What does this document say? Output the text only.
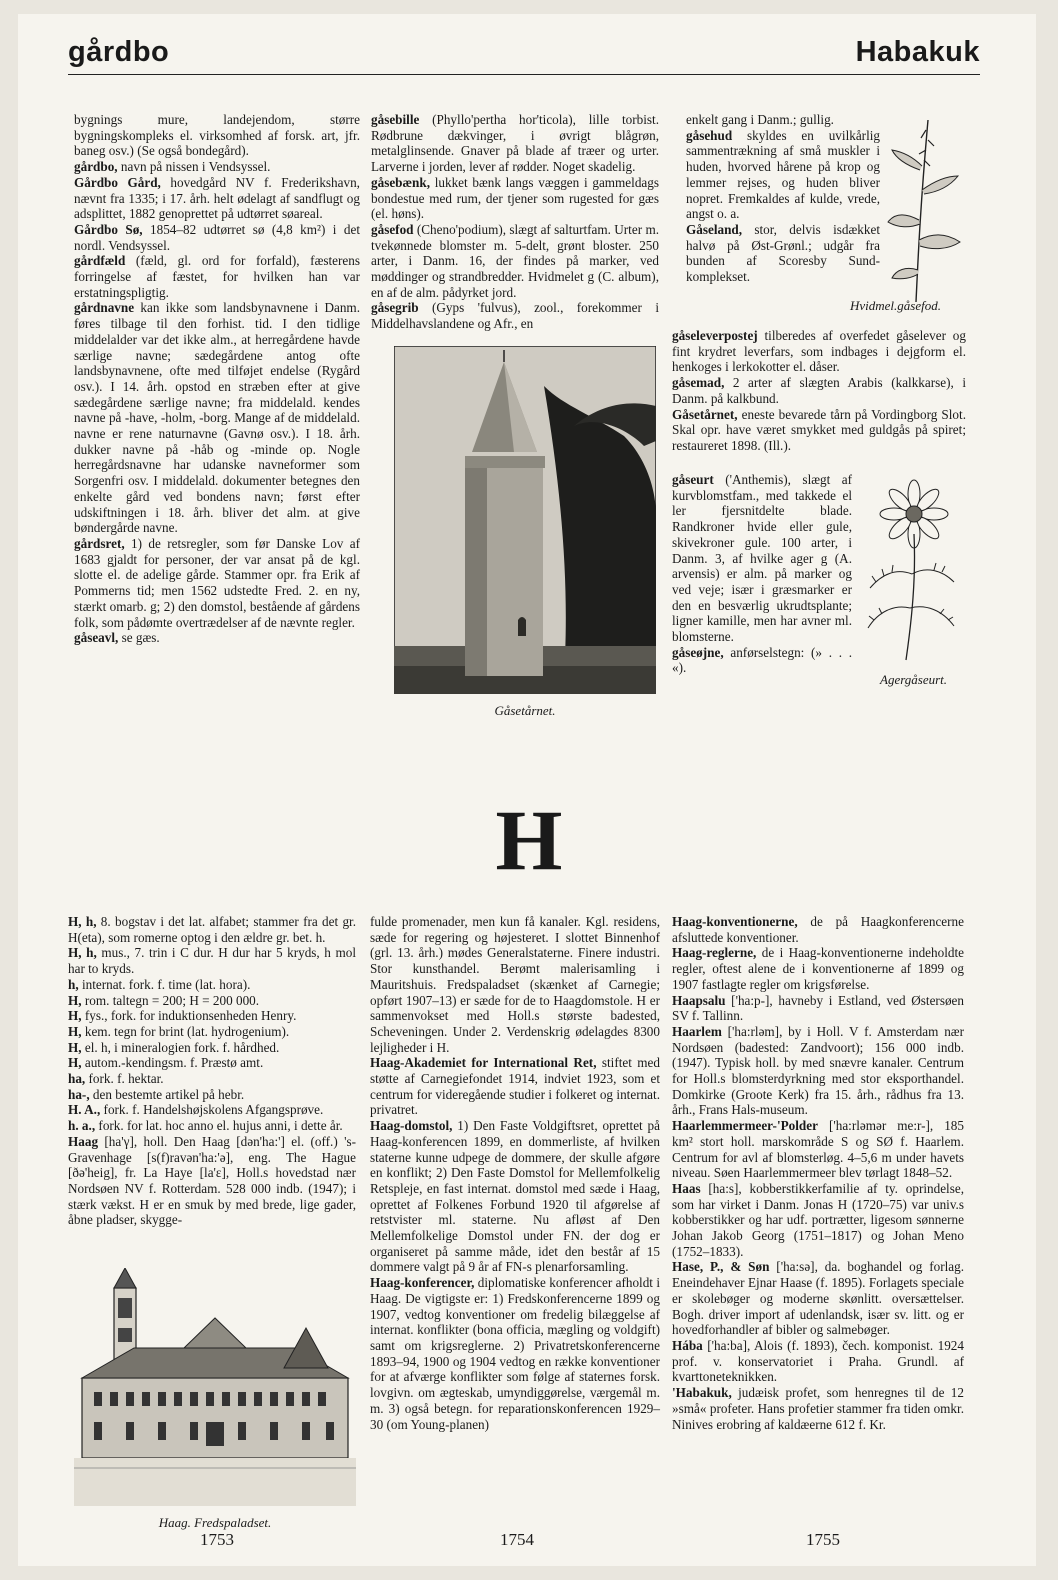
gårdbo	Habakuk

bygnings mure, landejendom, større bygningskompleks el. virksomhed af forsk. art, jfr. baneg osv.) (Se også bondegård).

gårdbo, navn på nissen i Vendsyssel.

Gårdbo Gård, hovedgård NV f. Frederikshavn, nævnt fra 1335; i 17. årh. helt ødelagt af sandflugt og adsplittet, 1882 genoprettet på udtørret søareal.

Gårdbo Sø, 1854–82 udtørret sø (4,8 km²) i det nordl. Vendsyssel.

gårdfæld (fæld, gl. ord for forfald), fæsterens forringelse af fæstet, for hvilken han var erstatningspligtig.

gårdnavne kan ikke som landsbynavnene i Danm. føres tilbage til den forhist. tid. I den tidlige middelalder var det ikke alm., at herregårdene havde særlige navne; sædegårdene antog ofte landsbynavnene, ofte med tilføjet endelse (Rygård osv.). I 14. årh. opstod en stræben efter at give sædegårdene særlige navne; fra middelald. kendes navne på -have, -holm, -borg. Mange af de middelald. navne er rene naturnavne (Gavnø osv.). I 18. årh. dukker navne på -håb og -minde op. Nogle herregårdsnavne har udanske navneformer som Sorgenfri osv. I middelald. dokumenter betegnes den enkelte gård ved bondens navn; først efter udskiftningen i 18. årh. bliver det alm. at give bøndergårde navne.

gårdsret, 1) de retsregler, som før Danske Lov af 1683 gjaldt for personer, der var ansat på de kgl. slotte el. de adelige gårde. Stammer opr. fra Erik af Pommerns tid; men 1562 udstedte Fred. 2. en ny, stærkt omarb. g; 2) den domstol, bestående af gårdens folk, som pådømte overtrædelser af de nævnte regler.

gåseavl, se gæs.

gåsebille (Phyllo'pertha hor'ticola), lille torbist. Rødbrune dækvinger, i øvrigt blågrøn, metalglinsende. Gnaver på blade af træer og urter. Larverne i jorden, lever af rødder. Noget skadelig.

gåsebænk, lukket bænk langs væggen i gammeldags bondestue med rum, der tjener som rugested for gæs (el. høns).

gåsefod (Cheno'podium), slægt af salturtfam. Urter m. tvekønnede blomster m. 5-delt, grønt bloster. 250 arter, i Danm. 16, der findes på marker, ved møddinger og strandbredder. Hvidmelet g (C. album), en af de alm. pådyrket jord.

gåsegrib (Gyps 'fulvus), zool., forekommer i Middelhavslandene og Afr., en

Gåsetårnet.

enkelt gang i Danm.; gullig.

gåsehud skyldes en uvilkårlig sammentrækning af små muskler i huden, hvorved hårene på krop og lemmer rejses, og huden bliver nopret. Fremkaldes af kulde, vrede, angst o. a.

Gåseland, stor, delvis isdækket halvø på Øst-Grønl.; udgår fra bunden af Scoresby Sund-komplekset.

Hvidmel.gåsefod.

gåseleverpostej tilberedes af overfedet gåselever og fint krydret leverfars, som indbages i dejgform el. henkoges i lerkokotter el. dåser.

gåsemad, 2 arter af slægten Arabis (kalkkarse), i Danm. på kalkbund.

Gåsetårnet, eneste bevarede tårn på Vordingborg Slot. Skal opr. have været smykket med guldgås på spiret; restaureret 1898. (Ill.).

gåseurt ('Anthemis), slægt af kurvblomstfam., med takkede el ler fjersnitdelte blade. Randkroner hvide eller gule, skivekroner gule. 100 arter, i Danm. 3, af hvilke ager g (A. arvensis) er alm. på marker og ved veje; især i græsmarker er den en besværlig ukrudtsplante; ligner kamille, men har avner ml. blomsterne.

gåseøjne, anførselstegn: (» . . . «).

Agergåseurt.
H

H, h, 8. bogstav i det lat. alfabet; stammer fra det gr. H(eta), som romerne optog i den ældre gr. bet. h.

H, h, mus., 7. trin i C dur. H dur har 5 kryds, h mol har to kryds.

h, internat. fork. f. time (lat. hora).

H, rom. taltegn = 200; H = 200 000.

H, fys., fork. for induktionsenheden Henry.

H, kem. tegn for brint (lat. hydrogenium).

H, el. h, i mineralogien fork. f. hårdhed.

H, autom.-kendingsm. f. Præstø amt.

ha, fork. f. hektar.

ha-, den bestemte artikel på hebr.

H. A., fork. f. Handelshøjskolens Afgangsprøve.

h. a., fork. for lat. hoc anno el. hujus anni, i dette år.

Haag [ha'γ], holl. Den Haag [dən'ha:'] el. (off.) 's-Gravenhage [s(f)ravən'ha:'ə], eng. The Hague [ðə'heig], fr. La Haye [la'ε], Holl.s hovedstad nær Nordsøen NV f. Rotterdam. 528 000 indb. (1947); i stærk vækst. H er en smuk by med brede, lige gader, åbne pladser, skygge-

Haag. Fredspaladset.

fulde promenader, men kun få kanaler. Kgl. residens, sæde for regering og højesteret. I slottet Binnenhof (grl. 13. årh.) mødes Generalstaterne. Finere industri. Stor kunsthandel. Berømt malerisamling i Mauritshuis. Fredspaladset (skænket af Carnegie; opført 1907–13) er sæde for de to Haagdomstole. H er sammenvokset med Holl.s største badested, Scheveningen. Under 2. Verdenskrig ødelagdes 8300 lejligheder i H.

Haag-Akademiet for International Ret, stiftet med støtte af Carnegiefondet 1914, indviet 1923, som et centrum for videregående studier i folkeret og internat. privatret.

Haag-domstol, 1) Den Faste Voldgiftsret, oprettet på Haag-konferencen 1899, en dommerliste, af hvilken staterne kunne udpege de dommere, der skulle afgøre en konflikt; 2) Den Faste Domstol for Mellemfolkelig Retspleje, en fast internat. domstol med sæde i Haag, oprettet af Folkenes Forbund 1920 til afgørelse af retstvister ml. staterne. Nu afløst af Den Mellemfolkelige Domstol under FN. der dog er organiseret på samme måde, idet den består af 15 dommere valgt på 9 år af FN-s plenarforsamling.

Haag-konferencer, diplomatiske konferencer afholdt i Haag. De vigtigste er: 1) Fredskonferencerne 1899 og 1907, vedtog konventioner om fredelig bilæggelse af internat. konflikter (bona officia, mægling og voldgift) samt om krigsreglerne. 2) Privatretskonferencerne 1893–94, 1900 og 1904 vedtog en række konventioner for at afværge konflikter som følge af staternes forsk. lovgivn. om ægteskab, umyndiggørelse, værgemål m. m. 3) også betegn. for reparationskonferencen 1929–30 (om Young-planen)

Haag-konventionerne, de på Haagkonferencerne afsluttede konventioner.

Haag-reglerne, de i Haag-konventionerne indeholdte regler, oftest alene de i konventionerne af 1899 og 1907 fastlagte regler om krigsførelse.

Haapsalu ['ha:p-], havneby i Estland, ved Østersøen SV f. Tallinn.

Haarlem ['ha:rləm], by i Holl. V f. Amsterdam nær Nordsøen (badested: Zandvoort); 156 000 indb. (1947). Typisk holl. by med snævre kanaler. Centrum for Holl.s blomsterdyrkning med stor eksporthandel. Domkirke (Groote Kerk) fra 15. årh., rådhus fra 13. årh., Frans Hals-museum.

Haarlemmermeer-'Polder ['ha:rləmər me:r-], 185 km² stort holl. marskområde S og SØ f. Haarlem. Centrum for avl af blomsterløg. 4–5,6 m under havets niveau. Søen Haarlemmermeer blev tørlagt 1848–52.

Haas [ha:s], kobberstikkerfamilie af ty. oprindelse, som har virket i Danm. Jonas H (1720–75) var univ.s kobberstikker og har udf. portrætter, ligesom sønnerne Johan Jakob Georg (1751–1817) og Johan Meno (1752–1833).

Hase, P., & Søn ['ha:sə], da. boghandel og forlag. Eneindehaver Ejnar Haase (f. 1895). Forlagets speciale er skolebøger og moderne skønlitt. oversættelser. Bogh. driver import af udenlandsk, især sv. litt. og er hovedforhandler af bibler og salmebøger.

Hába ['ha:ba], Alois (f. 1893), čech. komponist. 1924 prof. v. konservatoriet i Praha. Grundl. af kvarttoneteknikken.

'Habakuk, judæisk profet, som henregnes til de 12 »små« profeter. Hans profetier stammer fra tiden omkr. Ninives erobring af kaldæerne 612 f. Kr.

1753	1754	1755
